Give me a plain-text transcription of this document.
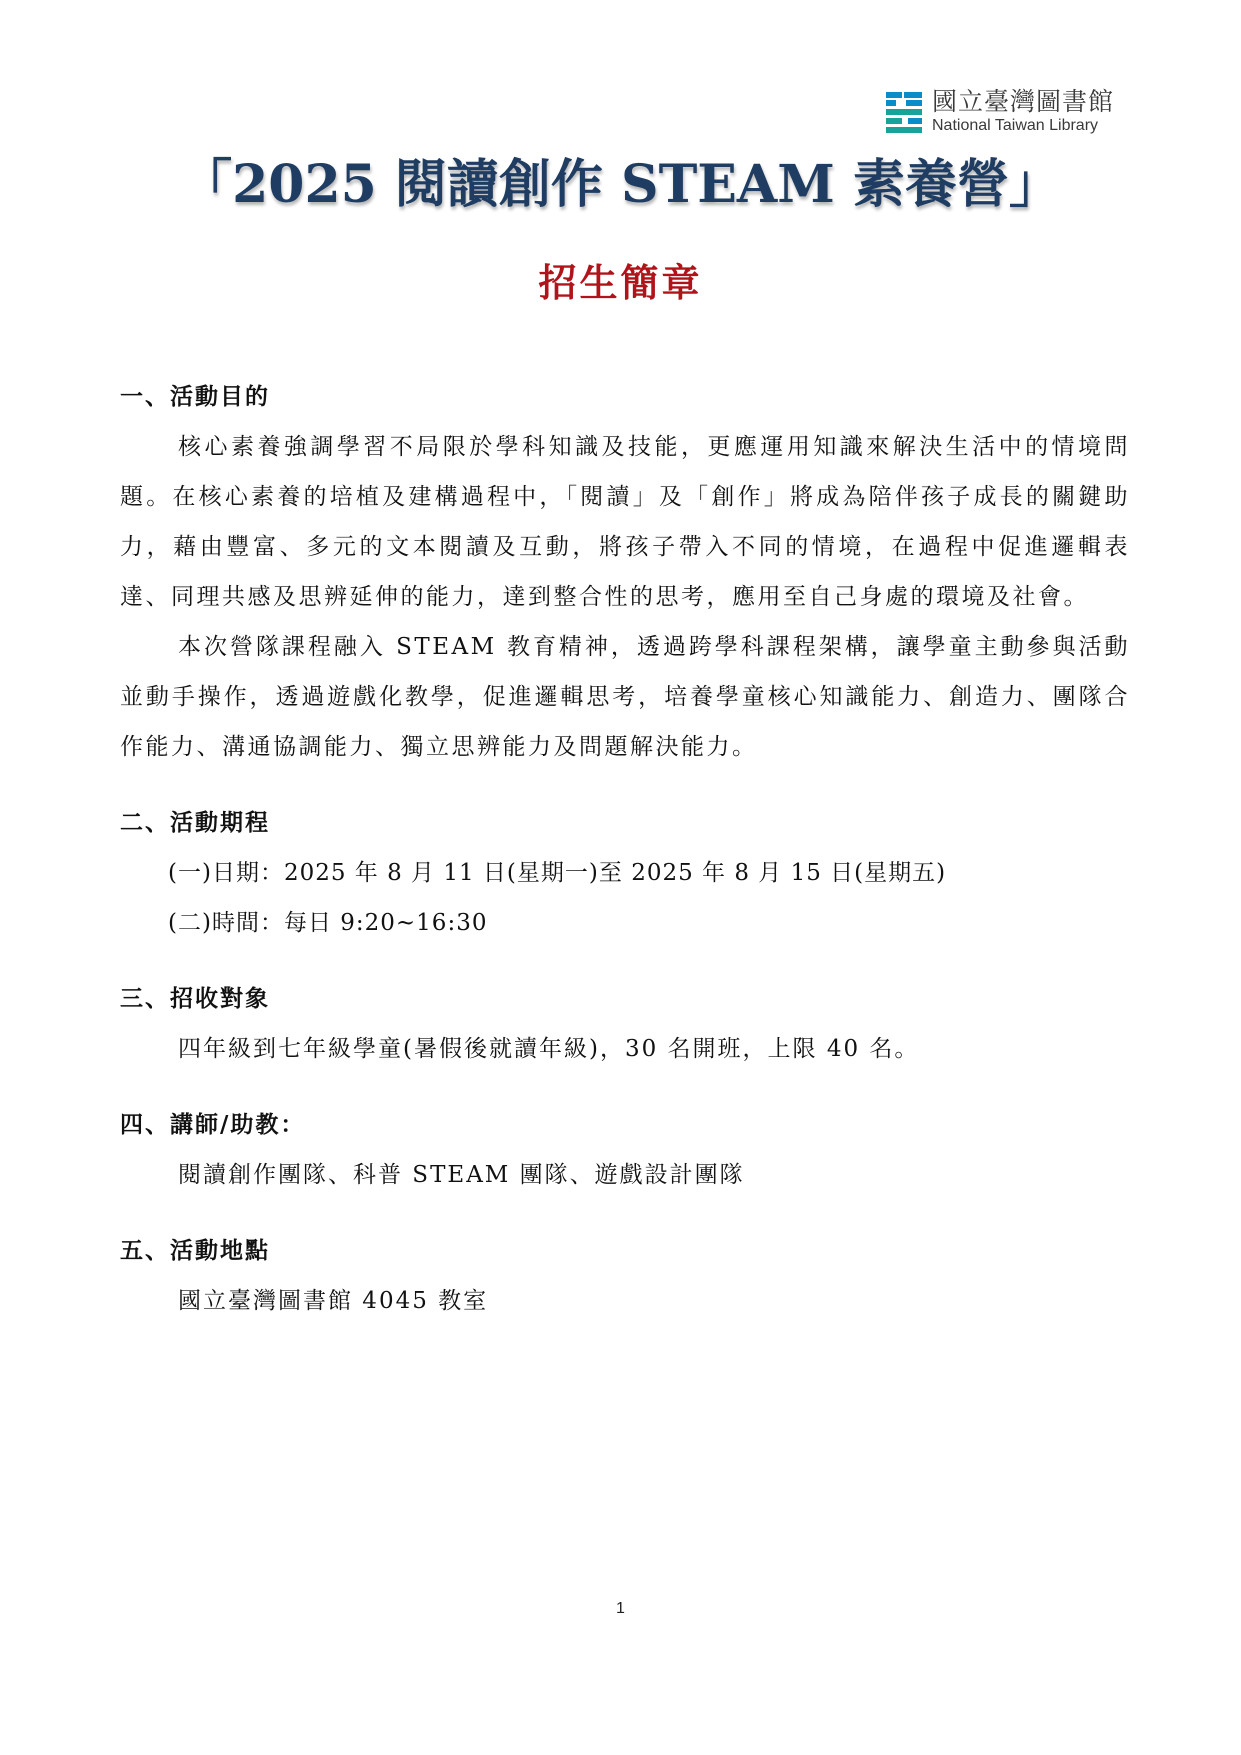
國立臺灣圖書館
National Taiwan Library
「2025 閱讀創作 STEAM 素養營」
招生簡章
一、活動目的
核心素養強調學習不局限於學科知識及技能，更應運用知識來解決生活中的情境問題。在核心素養的培植及建構過程中，「閱讀」及「創作」將成為陪伴孩子成長的關鍵助力，藉由豐富、多元的文本閱讀及互動，將孩子帶入不同的情境，在過程中促進邏輯表達、同理共感及思辨延伸的能力，達到整合性的思考，應用至自己身處的環境及社會。
本次營隊課程融入 STEAM 教育精神，透過跨學科課程架構，讓學童主動參與活動並動手操作，透過遊戲化教學，促進邏輯思考，培養學童核心知識能力、創造力、團隊合作能力、溝通協調能力、獨立思辨能力及問題解決能力。
二、活動期程
(一)日期：2025 年 8 月 11 日(星期一)至 2025 年 8 月 15 日(星期五)
(二)時間：每日 9:20~16:30
三、招收對象
四年級到七年級學童(暑假後就讀年級)，30 名開班，上限 40 名。
四、講師/助教：
閱讀創作團隊、科普 STEAM 團隊、遊戲設計團隊
五、活動地點
國立臺灣圖書館 4045 教室
1
